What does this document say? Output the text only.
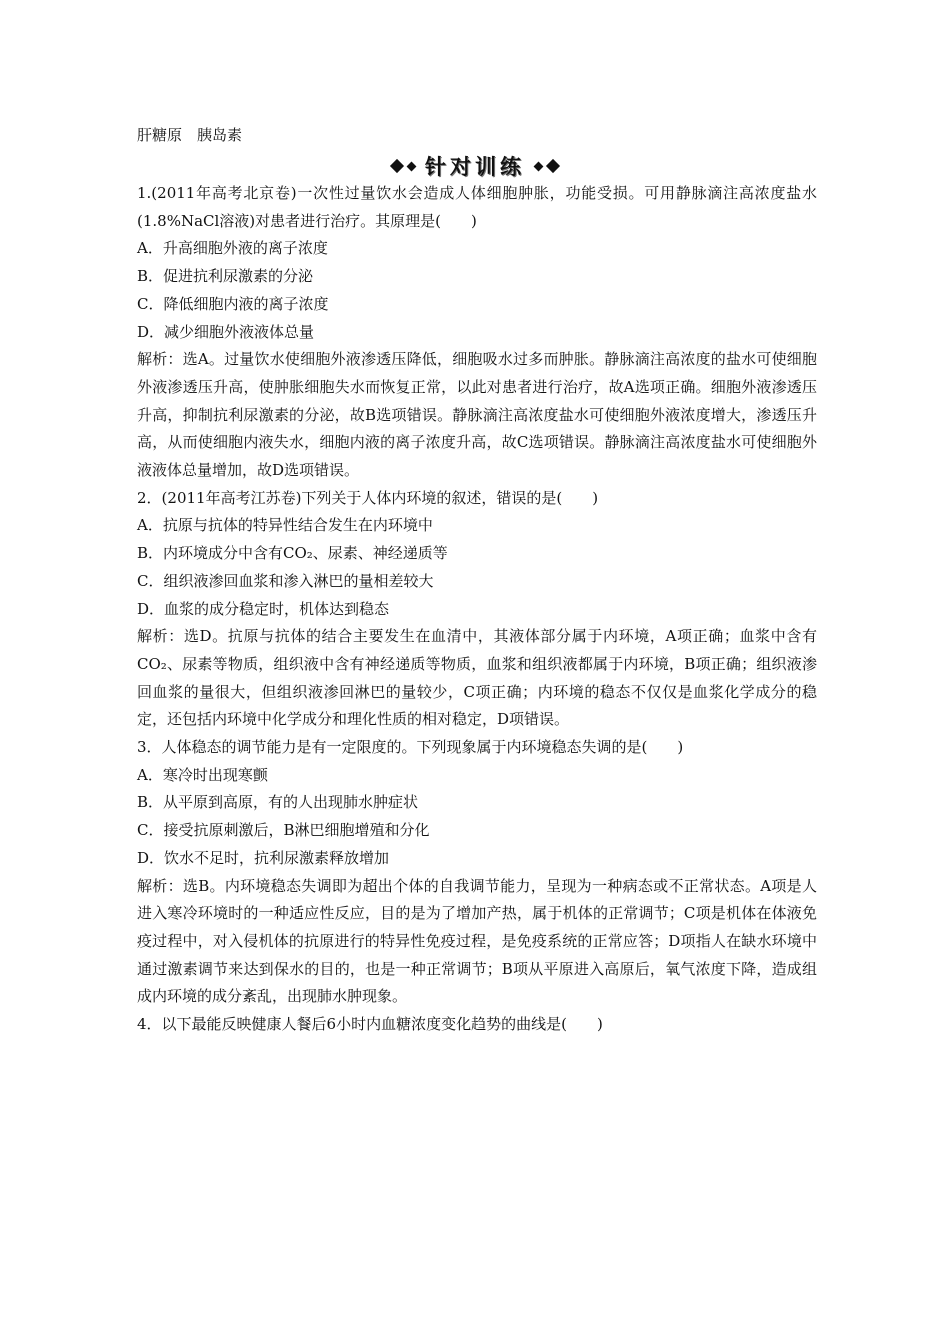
肝糖原　胰岛素
针对训练

1.(2011年高考北京卷)一次性过量饮水会造成人体细胞肿胀，功能受损。可用静脉滴注高浓度盐水(1.8%NaCl溶液)对患者进行治疗。其原理是(　　)

A．升高细胞外液的离子浓度

B．促进抗利尿激素的分泌

C．降低细胞内液的离子浓度

D．减少细胞外液液体总量

解析：选A。过量饮水使细胞外液渗透压降低，细胞吸水过多而肿胀。静脉滴注高浓度的盐水可使细胞外液渗透压升高，使肿胀细胞失水而恢复正常，以此对患者进行治疗，故A选项正确。细胞外液渗透压升高，抑制抗利尿激素的分泌，故B选项错误。静脉滴注高浓度盐水可使细胞外液浓度增大，渗透压升高，从而使细胞内液失水，细胞内液的离子浓度升高，故C选项错误。静脉滴注高浓度盐水可使细胞外液液体总量增加，故D选项错误。

2．(2011年高考江苏卷)下列关于人体内环境的叙述，错误的是(　　)

A．抗原与抗体的特异性结合发生在内环境中

B．内环境成分中含有CO₂、尿素、神经递质等

C．组织液渗回血浆和渗入淋巴的量相差较大

D．血浆的成分稳定时，机体达到稳态

解析：选D。抗原与抗体的结合主要发生在血清中，其液体部分属于内环境，A项正确；血浆中含有CO₂、尿素等物质，组织液中含有神经递质等物质，血浆和组织液都属于内环境，B项正确；组织液渗回血浆的量很大，但组织液渗回淋巴的量较少，C项正确；内环境的稳态不仅仅是血浆化学成分的稳定，还包括内环境中化学成分和理化性质的相对稳定，D项错误。

3．人体稳态的调节能力是有一定限度的。下列现象属于内环境稳态失调的是(　　)

A．寒冷时出现寒颤

B．从平原到高原，有的人出现肺水肿症状

C．接受抗原刺激后，B淋巴细胞增殖和分化

D．饮水不足时，抗利尿激素释放增加

解析：选B。内环境稳态失调即为超出个体的自我调节能力，呈现为一种病态或不正常状态。A项是人进入寒冷环境时的一种适应性反应，目的是为了增加产热，属于机体的正常调节；C项是机体在体液免疫过程中，对入侵机体的抗原进行的特异性免疫过程，是免疫系统的正常应答；D项指人在缺水环境中通过激素调节来达到保水的目的，也是一种正常调节；B项从平原进入高原后，氧气浓度下降，造成组成内环境的成分紊乱，出现肺水肿现象。

4．以下最能反映健康人餐后6小时内血糖浓度变化趋势的曲线是(　　)
